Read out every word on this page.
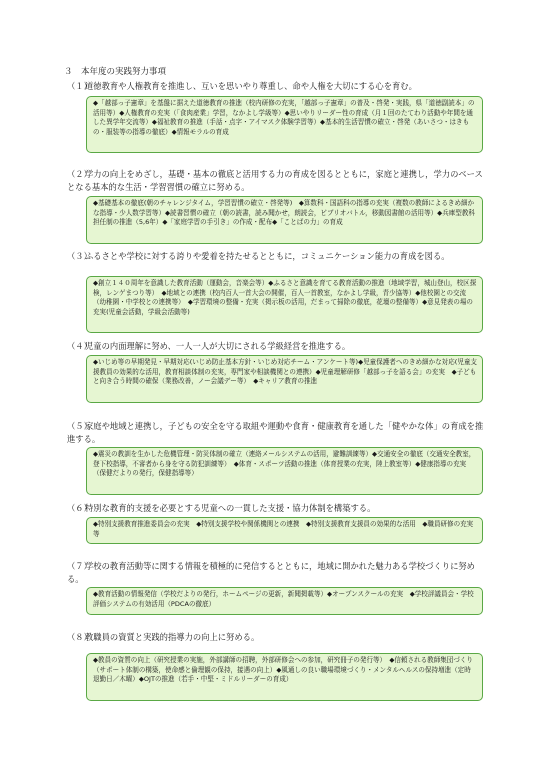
３　本年度の実践努力事項
（１）道徳教育や人権教育を推進し、互いを思いやり尊重し、命や人権を大切にする心を育む。
◆「越部っ子憲章」を基盤に据えた道徳教育の推進（校内研修の充実，「越部っ子憲章」の普及・啓発・実践，県「道徳副読本」の活用等）◆人権教育の充実（「食肉産業」学習，なかよし学級等）◆思いやりリーダー性の育成（月１回のたてわり活動や年間を通した異学年交流等）◆福祉教育の推進（手話・点字・アイマスク体験学習等）◆基本的生活習慣の確立・啓発（あいさつ・はきもの・服装等の指導の徹底）◆情報モラルの育成
（２）学力の向上をめざし，基礎・基本の徹底と活用する力の育成を図るとともに，家庭と連携し，学力のベースとなる基本的な生活・学習習慣の確立に努める。
◆基礎基本の徹底(朝のチャレンジタイム，学習習慣の確立・啓発等)　◆算数科・国語科の指導の充実（複数の教師によるきめ細かな指導・少人数学習等）◆読書習慣の確立（朝の読書，読み聞かせ，朗読会，ビブリオバトル，移動図書館の活用等）◆兵庫型教科担任制の推進（5,6年）◆「家庭学習の手引き」の作成・配布◆「ことばの力」の育成
（３）ふるさとや学校に対する誇りや愛着を持たせるとともに，コミュニケーション能力の育成を図る。
◆創立１４０周年を意識した教育活動（運動会，音楽会等）◆ふるさと意識を育てる教育活動の推進（地域学習，城山登山，校区探検，レンゲまつり等）　◆地域との連携（校内百人一首大会の開催，百人一首教室，なかよし学級，青少協等）◆他校園との交流（幼稚園・中学校との連携等）　◆学習環境の整備・充実（掲示板の活用，だまって掃除の徹底，花壇の整備等）◆意見発表の場の充実(児童会活動，学級会活動等)
（４）児童の内面理解に努め、一人一人が大切にされる学級経営を推進する。
◆いじめ等の早期発見・早期対応(いじめ防止基本方針・いじめ対応チーム・アンケート等)◆児童保護者へのきめ細かな対応(児童支援教員の効果的な活用，教育相談体制の充実，専門家や相談機関との連携）◆児童理解研修「越部っ子を語る会」の充実　◆子どもと向き合う時間の確保（業務改善，ノー会議デー等）　◆キャリア教育の推進
（５）家庭や地域と連携し，子どもの安全を守る取組や運動や食育・健康教育を通した「健やかな体」の育成を推進する。
◆震災の教訓を生かした危機管理・防災体制の確立（連絡メールシステムの活用，避難訓練等）◆交通安全の徹底（交通安全教室，登下校指導，不審者から身を守る防犯訓練等）　◆体育・スポーツ活動の推進（体育授業の充実，陸上教室等）◆健康指導の充実（保健だよりの発行，保健指導等）
（６）特別な教育的支援を必要とする児童への一貫した支援・協力体制を構築する。
◆特別支援教育推進委員会の充実　◆特別支援学校や関係機関との連携　◆特別支援教育支援員の効果的な活用　◆職員研修の充実等
（７）学校の教育活動等に関する情報を積極的に発信するとともに，地域に開かれた魅力ある学校づくりに努める。
◆教育活動の情報発信（学校だよりの発行，ホームページの更新，新聞掲載等）◆オープンスクールの充実　◆学校評議員会・学校評価システムの有効活用（PDCAの徹底）
（８）教職員の資質と実践的指導力の向上に努める。
◆教員の資質の向上（研究授業の実施，外部講師の招聘，外部研修会への参加，研究冊子の発行等）　◆信頼される教師集団づくり（サポート体制の構築，使命感と倫理観の保持，接遇の向上）◆風通しの良い職場環境づくり・メンタルヘルスの保持増進（定時退勤日／木曜）◆OJTの推進（若手・中堅・ミドルリーダーの育成）
